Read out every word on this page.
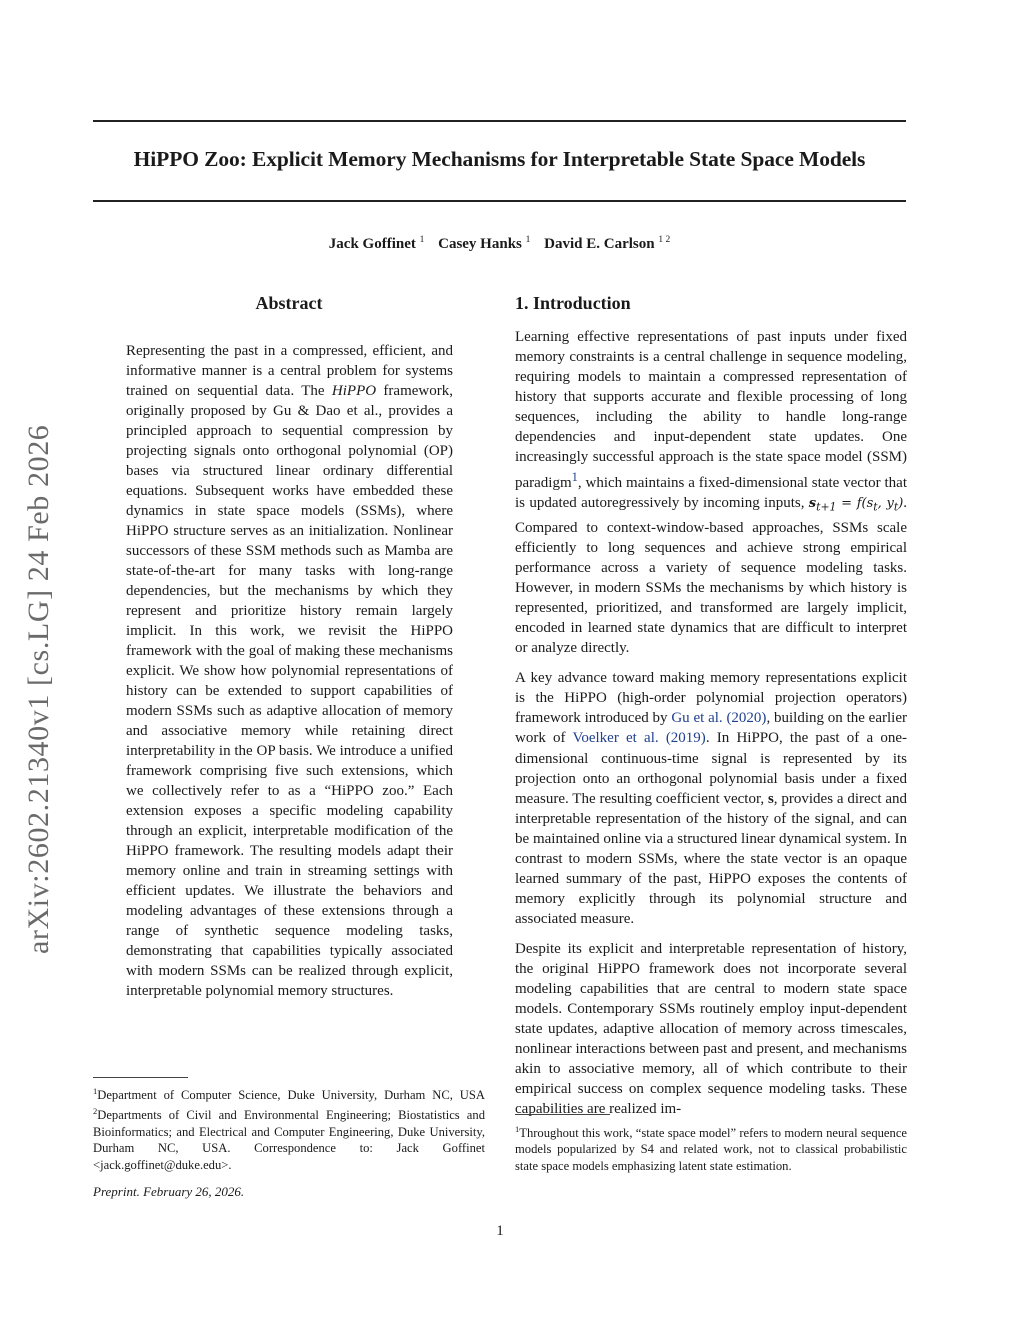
arXiv:2602.21340v1 [cs.LG] 24 Feb 2026
HiPPO Zoo: Explicit Memory Mechanisms for Interpretable State Space Models
Jack Goffinet $^1$ Casey Hanks $^1$ David E. Carlson $^{1 2}$
Abstract
Representing the past in a compressed, efficient, and informative manner is a central problem for systems trained on sequential data. The HiPPO framework, originally proposed by Gu & Dao et al., provides a principled approach to sequential compression by projecting signals onto orthogonal polynomial (OP) bases via structured linear ordinary differential equations. Subsequent works have embedded these dynamics in state space models (SSMs), where HiPPO structure serves as an initialization. Nonlinear successors of these SSM methods such as Mamba are state-of-the-art for many tasks with long-range dependencies, but the mechanisms by which they represent and prioritize history remain largely implicit. In this work, we revisit the HiPPO framework with the goal of making these mechanisms explicit. We show how polynomial representations of history can be extended to support capabilities of modern SSMs such as adaptive allocation of memory and associative memory while retaining direct interpretability in the OP basis. We introduce a unified framework comprising five such extensions, which we collectively refer to as a “HiPPO zoo.” Each extension exposes a specific modeling capability through an explicit, interpretable modification of the HiPPO framework. The resulting models adapt their memory online and train in streaming settings with efficient updates. We illustrate the behaviors and modeling advantages of these extensions through a range of synthetic sequence modeling tasks, demonstrating that capabilities typically associated with modern SSMs can be realized through explicit, interpretable polynomial memory structures.
1. Introduction

Learning effective representations of past inputs under fixed memory constraints is a central challenge in sequence modeling, requiring models to maintain a compressed representation of history that supports accurate and flexible processing of long sequences, including the ability to handle long-range dependencies and input-dependent state updates. One increasingly successful approach is the state space model (SSM) paradigm$^1$, which maintains a fixed-dimensional state vector that is updated autoregressively by incoming inputs, $s_{t+1} = f(s_t$, $y_t$). Compared to context-window-based approaches, SSMs scale efficiently to long sequences and achieve strong empirical performance across a variety of sequence modeling tasks. However, in modern SSMs the mechanisms by which history is represented, prioritized, and transformed are largely implicit, encoded in learned state dynamics that are difficult to interpret or analyze directly.

A key advance toward making memory representations explicit is the HiPPO (high-order polynomial projection operators) framework introduced by Gu et al. (2020), building on the earlier work of Voelker et al. (2019). In HiPPO, the past of a one-dimensional continuous-time signal is represented by its projection onto an orthogonal polynomial basis under a fixed measure. The resulting coefficient vector, s, provides a direct and interpretable representation of the history of the signal, and can be maintained online via a structured linear dynamical system. In contrast to modern SSMs, where the state vector is an opaque learned summary of the past, HiPPO exposes the contents of memory explicitly through its polynomial structure and associated measure.

Despite its explicit and interpretable representation of history, the original HiPPO framework does not incorporate several modeling capabilities that are central to modern state space models. Contemporary SSMs routinely employ input-dependent state updates, adaptive allocation of memory across timescales, nonlinear interactions between past and present, and mechanisms akin to associative memory, all of which contribute to their empirical success on complex sequence modeling tasks. These capabilities are realized im-

$^1$Department of Computer Science, Duke University, Durham NC, USA $^2$Departments of Civil and Environmental Engineering; Biostatistics and Bioinformatics; and Electrical and Computer Engineering, Duke University, Durham NC, USA. Correspondence to: Jack Goffinet <jack.goffinet@duke.edu>.
$^1$Throughout this work, “state space model” refers to modern neural sequence models popularized by S4 and related work, not to classical probabilistic state space models emphasizing latent state estimation.
Preprint. February 26, 2026.
1
